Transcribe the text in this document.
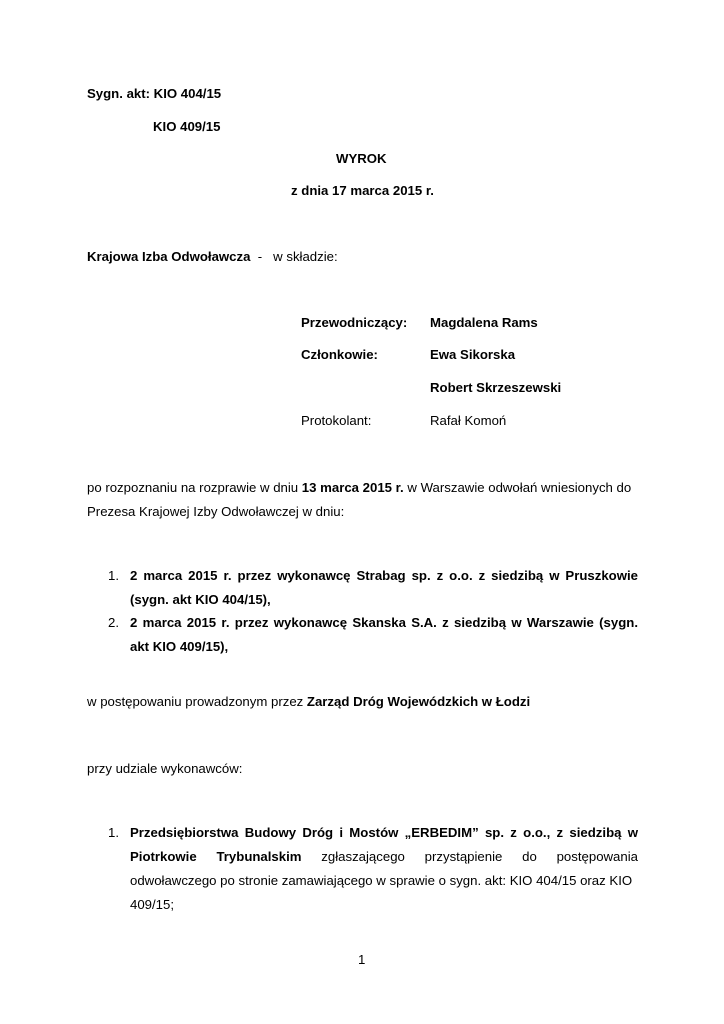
Sygn. akt: KIO 404/15
KIO 409/15
WYROK
z dnia 17 marca 2015 r.
Krajowa Izba Odwoławcza - w składzie:
Przewodniczący: Magdalena Rams
Członkowie:	Ewa Sikorska
Robert Skrzeszewski
Protokolant:	Rafał Komoń
po rozpoznaniu na rozprawie w dniu 13 marca 2015 r. w Warszawie odwołań wniesionych do
Prezesa Krajowej Izby Odwoławczej w dniu:
1. 2 marca 2015 r. przez wykonawcę Strabag sp. z o.o. z siedzibą w Pruszkowie
(sygn. akt KIO 404/15),
2. 2 marca 2015 r. przez wykonawcę Skanska S.A. z siedzibą w Warszawie (sygn.
akt KIO 409/15),
w postępowaniu prowadzonym przez Zarząd Dróg Wojewódzkich w Łodzi
przy udziale wykonawców:
1. Przedsiębiorstwa Budowy Dróg i Mostów „ERBEDIM” sp. z o.o., z siedzibą w
Piotrkowie Trybunalskim zgłaszającego przystąpienie do postępowania
odwoławczego po stronie zamawiającego w sprawie o sygn. akt: KIO 404/15 oraz KIO
409/15;
1
